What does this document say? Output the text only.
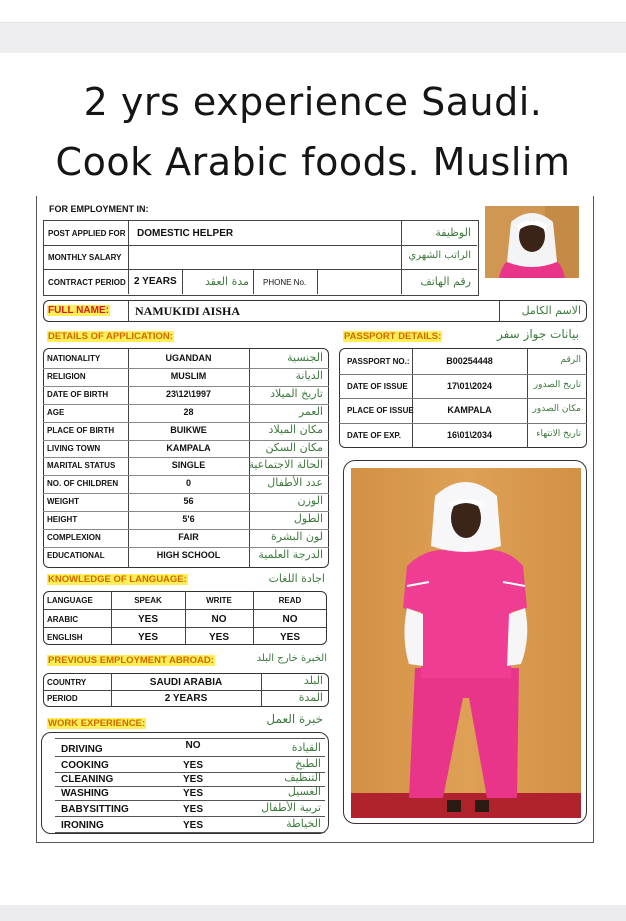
2 yrs experience Saudi.
Cook Arabic foods. Muslim
FOR EMPLOYMENT IN:
POST APPLIED FOR DOMESTIC HELPER	الوظيفة
MONTHLY SALARY	الراتب الشهري
CONTRACT PERIOD 2 YEARS	مدة العقد PHONE No.	رقم الهاتف
FULL NAME: NAMUKIDI AISHA	الاسم الكامل
DETAILS OF APPLICATION:	PASSPORT DETAILS:	بيانات جواز سفر
NATIONALITY	UGANDAN	الجنسية
RELIGION	MUSLIM	الديانة
DATE OF BIRTH	23\12\1997	تاريخ الميلاد
AGE	28	العمر
PLACE OF BIRTH	BUIKWE	مكان الميلاد
LIVING TOWN	KAMPALA	مكان السكن
MARITAL STATUS	SINGLE	الحالة الاجتماعية
NO. OF CHILDREN	0	عدد الأطفال
WEIGHT	56	الوزن
HEIGHT	5'6	الطول
COMPLEXION	FAIR	لون البشرة
EDUCATIONAL	HIGH SCHOOL	الدرجة العلمية
PASSPORT NO.:	B00254448	الرقم
DATE OF ISSUE	17\01\2024	تاريخ الصدور
PLACE OF ISSUE	KAMPALA	مكان الصدور
DATE OF EXP.	16\01\2034	تاريخ الانتهاء
KNOWLEDGE OF LANGUAGE:	اجادة اللغات
LANGUAGE	SPEAK	WRITE	READ
ARABIC	YES	NO	NO
ENGLISH	YES	YES	YES
PREVIOUS EMPLOYMENT ABROAD:	الخبرة خارج البلد
COUNTRY	SAUDI ARABIA	البلد
PERIOD	2 YEARS	المدة
WORK EXPERIENCE:	خبرة العمل
DRIVING	NO	القيادة
COOKING	YES	الطبخ
CLEANING	YES	التنظيف
WASHING	YES	الغسيل
BABYSITTING	YES	تربية الأطفال
IRONING	YES	الخياطة
